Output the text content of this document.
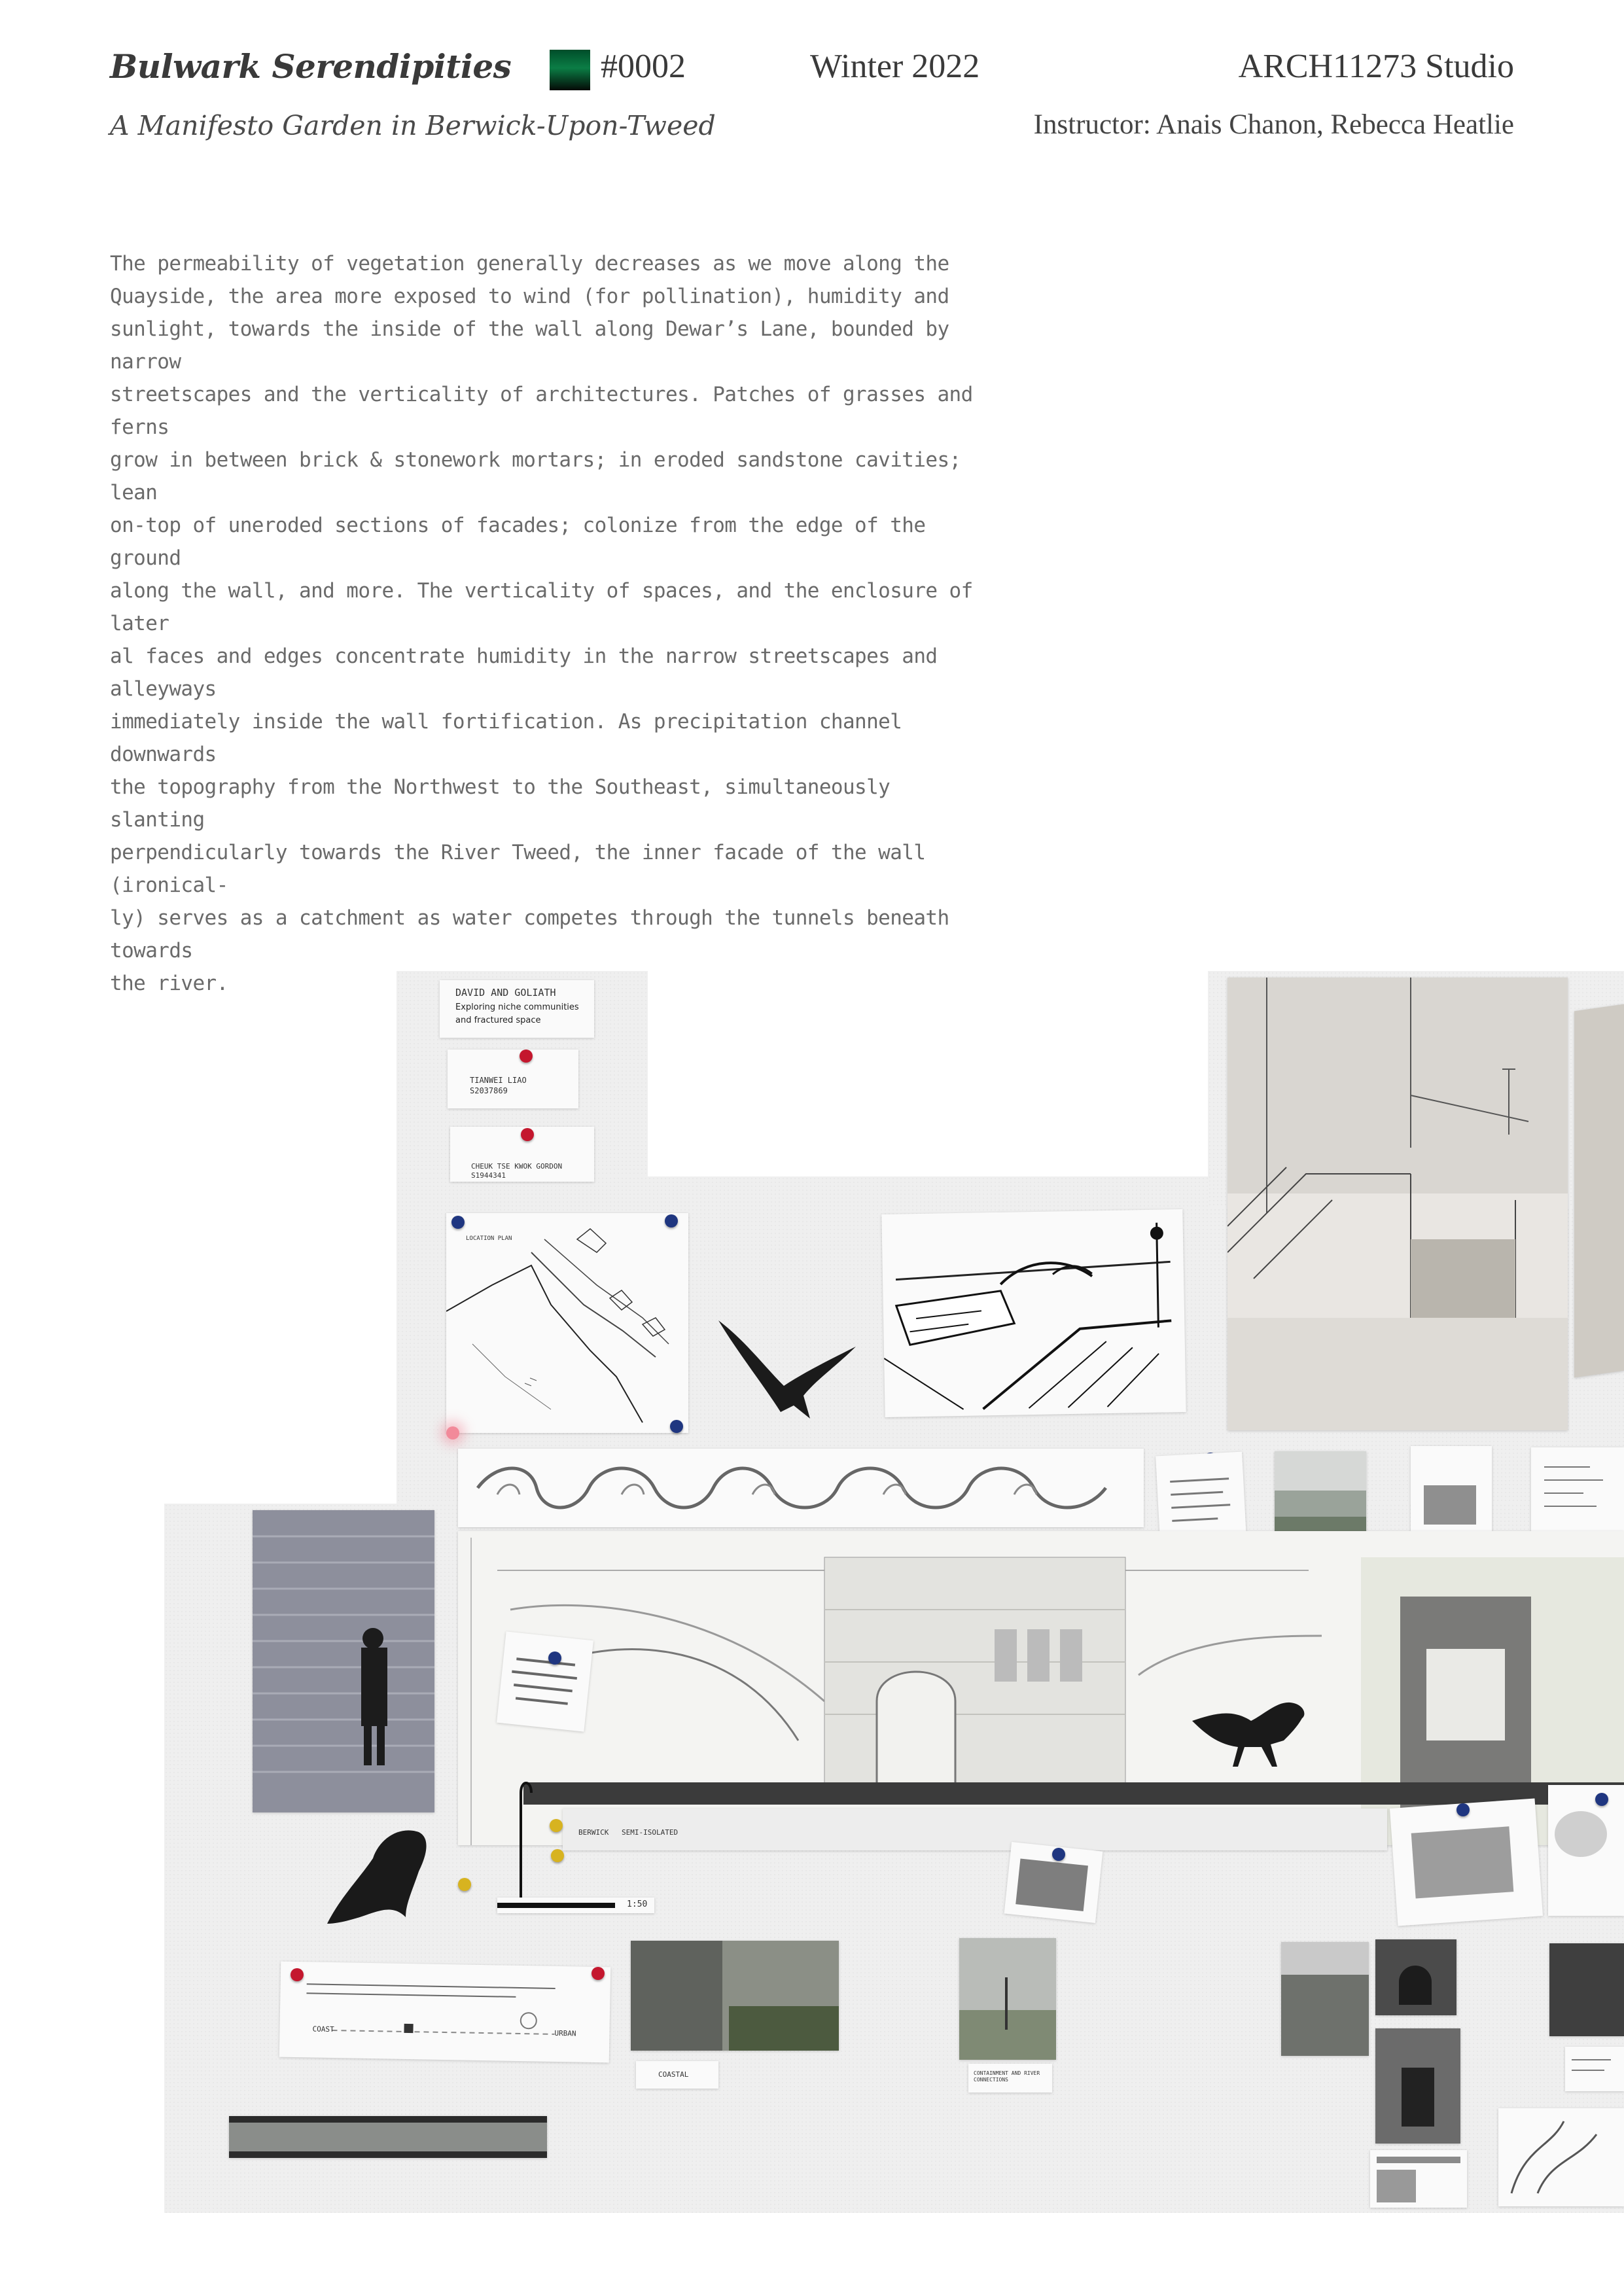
Bulwark Serendipities
A Manifesto Garden in Berwick-Upon-Tweed
#0002	Winter 2022	ARCH11273 Studio
Instructor: Anais Chanon, Rebecca Heatlie

The permeability of vegetation generally decreases as we move along the
Quayside, the area more exposed to wind (for pollination), humidity and
sunlight, towards the inside of the wall along Dewar’s Lane, bounded by narrow
streetscapes and the verticality of architectures. Patches of grasses and ferns
grow in between brick & stonework mortars; in eroded sandstone cavities; lean
on-top of uneroded sections of facades; colonize from the edge of the ground
along the wall, and more. The verticality of spaces, and the enclosure of later
al faces and edges concentrate humidity in the narrow streetscapes and alleyways
immediately inside the wall fortification. As precipitation channel downwards
the topography from the Northwest to the Southeast, simultaneously slanting
perpendicularly towards the River Tweed, the inner facade of the wall (ironical-
ly) serves as a catchment as water competes through the tunnels beneath towards
the river.	DAVID AND GOLIATH
Exploring niche communities
and fractured space
TIANWEI LIAO
S2037869
CHEUK TSE KWOK GORDON
S1944341
LOCATION PLAN
BERWICK SEMI-ISOLATED
1:50
COAST	URBAN
COASTAL	CONTAINMENT AND RIVER CONNECTIONS
